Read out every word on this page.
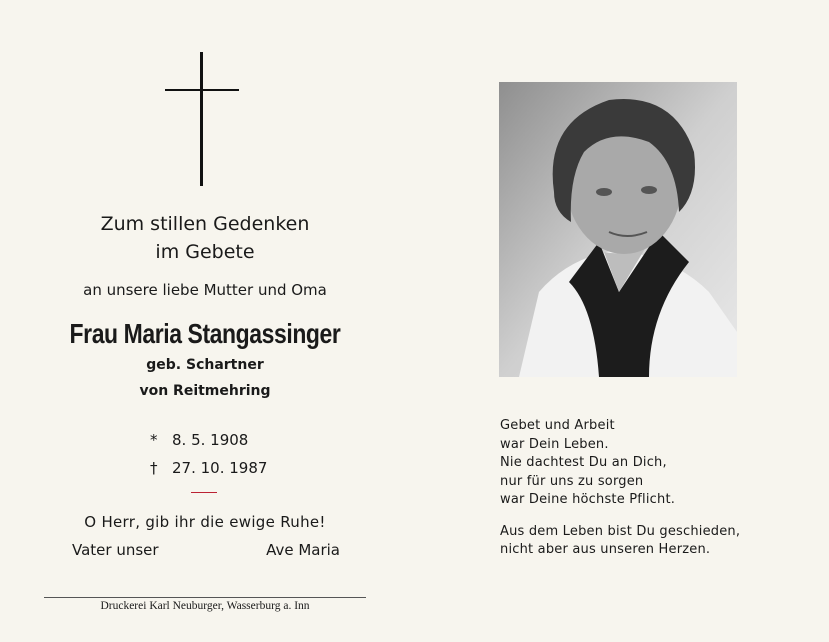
Zum stillen Gedenken
im Gebete
an unsere liebe Mutter und Oma
Frau Maria Stangassinger
geb. Schartner
von Reitmehring
* 8. 5. 1908
† 27. 10. 1987
O Herr, gib ihr die ewige Ruhe!
Vater unser	Ave Maria
Druckerei Karl Neuburger, Wasserburg a. Inn
Gebet und Arbeit
war Dein Leben.
Nie dachtest Du an Dich,
nur für uns zu sorgen
war Deine höchste Pflicht.
Aus dem Leben bist Du geschieden,
nicht aber aus unseren Herzen.
